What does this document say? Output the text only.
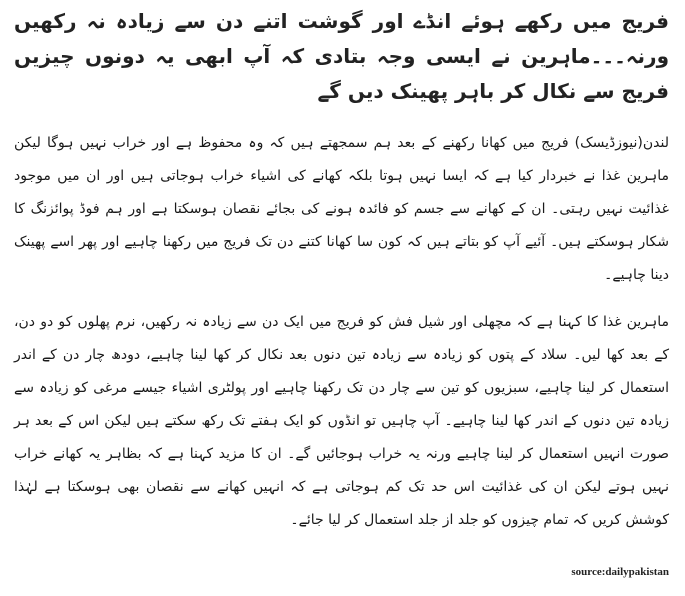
فریج میں رکھے ہوئے انڈے اور گوشت اتنے دن سے زیادہ نہ رکھیں ورنہ۔۔۔ماہرین نے ایسی وجہ بتادی کہ آپ ابھی یہ دونوں چیزیں فریج سے نکال کر باہر پھینک دیں گے

لندن(نیوزڈیسک) فریج میں کھانا رکھنے کے بعد ہم سمجھتے ہیں کہ وہ محفوظ ہے اور خراب نہیں ہوگا لیکن ماہرین غذا نے خبردار کیا ہے کہ ایسا نہیں ہوتا بلکہ کھانے کی اشیاء خراب ہوجاتی ہیں اور ان میں موجود غذائیت نہیں رہتی۔ ان کے کھانے سے جسم کو فائدہ ہونے کی بجائے نقصان ہوسکتا ہے اور ہم فوڈ پوائزنگ کا شکار ہوسکتے ہیں۔ آئیے آپ کو بتاتے ہیں کہ کون سا کھانا کتنے دن تک فریج میں رکھنا چاہیے اور پھر اسے پھینک دینا چاہیے۔

ماہرین غذا کا کہنا ہے کہ مچھلی اور شیل فش کو فریج میں ایک دن سے زیادہ نہ رکھیں، نرم پھلوں کو دو دن، کے بعد کھا لیں۔ سلاد کے پتوں کو زیادہ سے زیادہ تین دنوں بعد نکال کر کھا لینا چاہیے، دودھ چار دن کے اندر استعمال کر لینا چاہیے، سبزیوں کو تین سے چار دن تک رکھنا چاہیے اور پولٹری اشیاء جیسے مرغی کو زیادہ سے زیادہ تین دنوں کے اندر کھا لینا چاہیے۔ آپ چاہیں تو انڈوں کو ایک ہفتے تک رکھ سکتے ہیں لیکن اس کے بعد ہر صورت انہیں استعمال کر لینا چاہیے ورنہ یہ خراب ہوجائیں گے۔ ان کا مزید کہنا ہے کہ بظاہر یہ کھانے خراب نہیں ہوتے لیکن ان کی غذائیت اس حد تک کم ہوجاتی ہے کہ انہیں کھانے سے نقصان بھی ہوسکتا ہے لہٰذا کوشش کریں کہ تمام چیزوں کو جلد از جلد استعمال کر لیا جائے۔

source:dailypakistan
